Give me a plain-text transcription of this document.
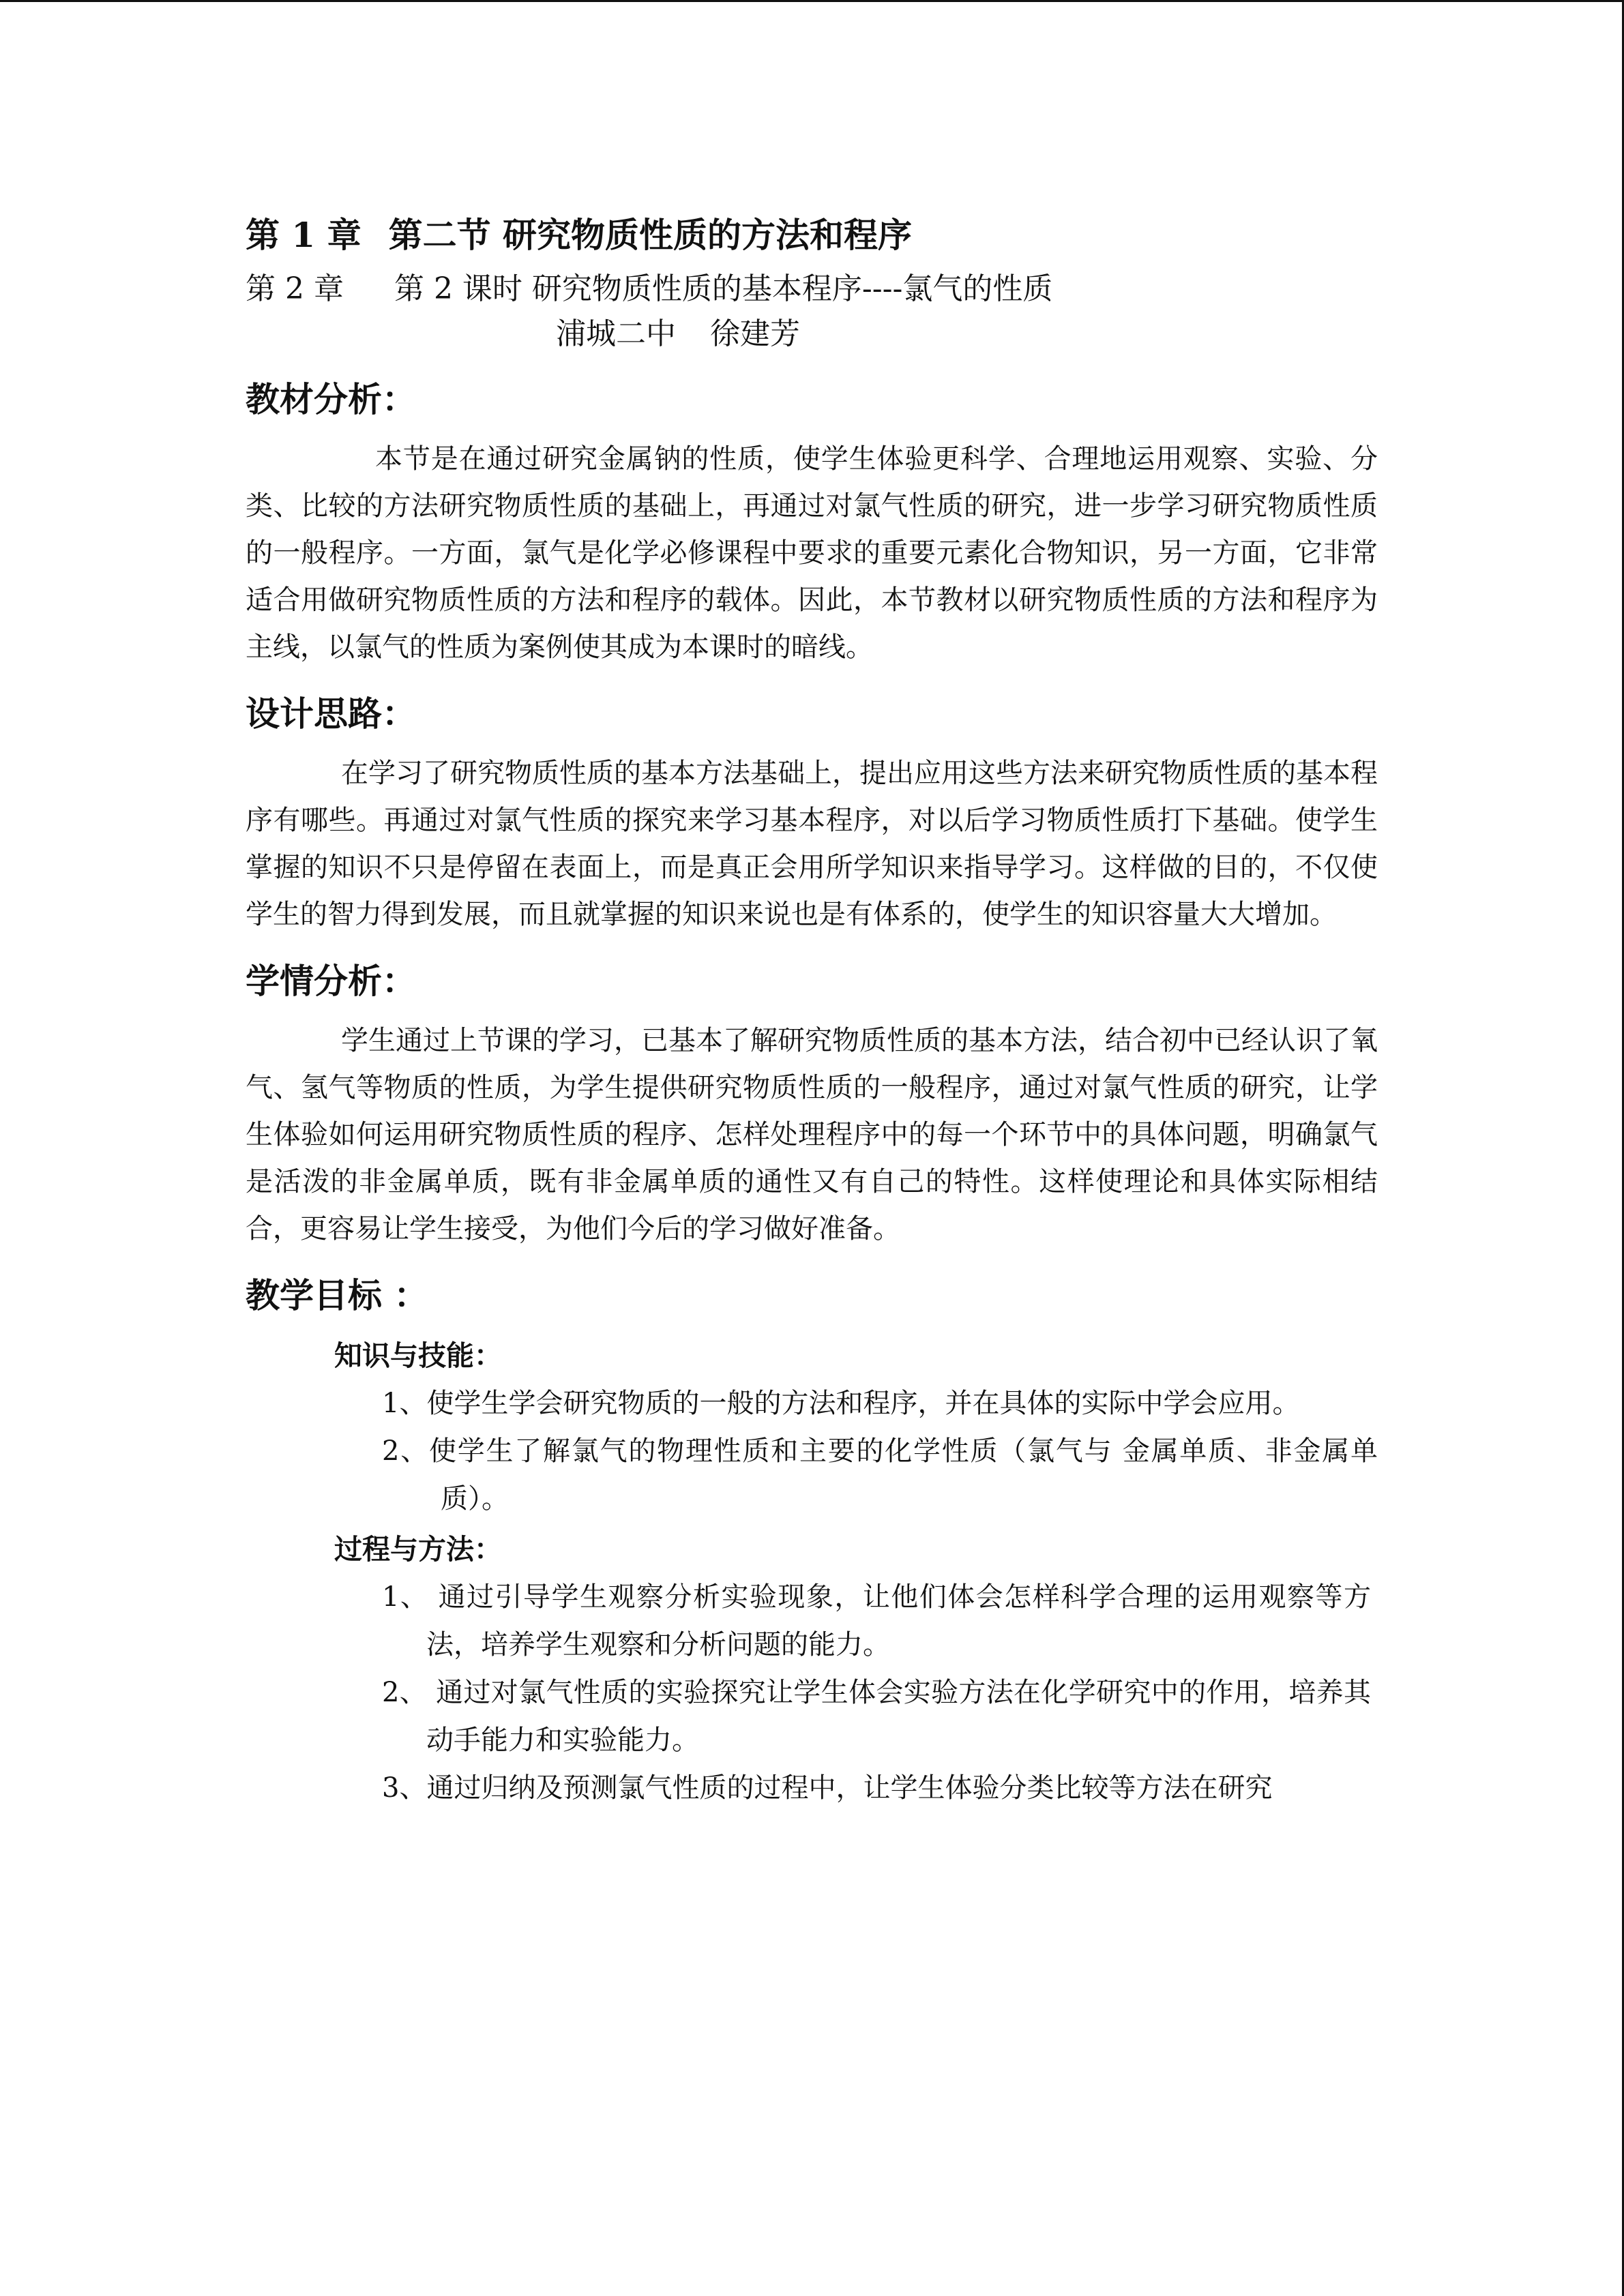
第 1 章 第二节 研究物质性质的方法和程序
第 2 章 第 2 课时 研究物质性质的基本程序----氯气的性质
浦城二中 徐建芳
教材分析：

本节是在通过研究金属钠的性质，使学生体验更科学、合理地运用观察、实验、分类、比较的方法研究物质性质的基础上，再通过对氯气性质的研究，进一步学习研究物质性质的一般程序。一方面，氯气是化学必修课程中要求的重要元素化合物知识，另一方面，它非常适合用做研究物质性质的方法和程序的载体。因此，本节教材以研究物质性质的方法和程序为主线，以氯气的性质为案例使其成为本课时的暗线。

设计思路：

在学习了研究物质性质的基本方法基础上，提出应用这些方法来研究物质性质的基本程序有哪些。再通过对氯气性质的探究来学习基本程序，对以后学习物质性质打下基础。使学生掌握的知识不只是停留在表面上，而是真正会用所学知识来指导学习。这样做的目的，不仅使学生的智力得到发展，而且就掌握的知识来说也是有体系的，使学生的知识容量大大增加。

学情分析：

学生通过上节课的学习，已基本了解研究物质性质的基本方法，结合初中已经认识了氧气、氢气等物质的性质，为学生提供研究物质性质的一般程序，通过对氯气性质的研究，让学生体验如何运用研究物质性质的程序、怎样处理程序中的每一个环节中的具体问题，明确氯气是活泼的非金属单质，既有非金属单质的通性又有自己的特性。这样使理论和具体实际相结合，更容易让学生接受，为他们今后的学习做好准备。

教学目标 ：
知识与技能：
1、使学生学会研究物质的一般的方法和程序，并在具体的实际中学会应用。
2、使学生了解氯气的物理性质和主要的化学性质（氯气与 金属单质、非金属单质）。
过程与方法：
1、 通过引导学生观察分析实验现象，让他们体会怎样科学合理的运用观察等方法，培养学生观察和分析问题的能力。
2、 通过对氯气性质的实验探究让学生体会实验方法在化学研究中的作用，培养其动手能力和实验能力。
3、通过归纳及预测氯气性质的过程中，让学生体验分类比较等方法在研究
